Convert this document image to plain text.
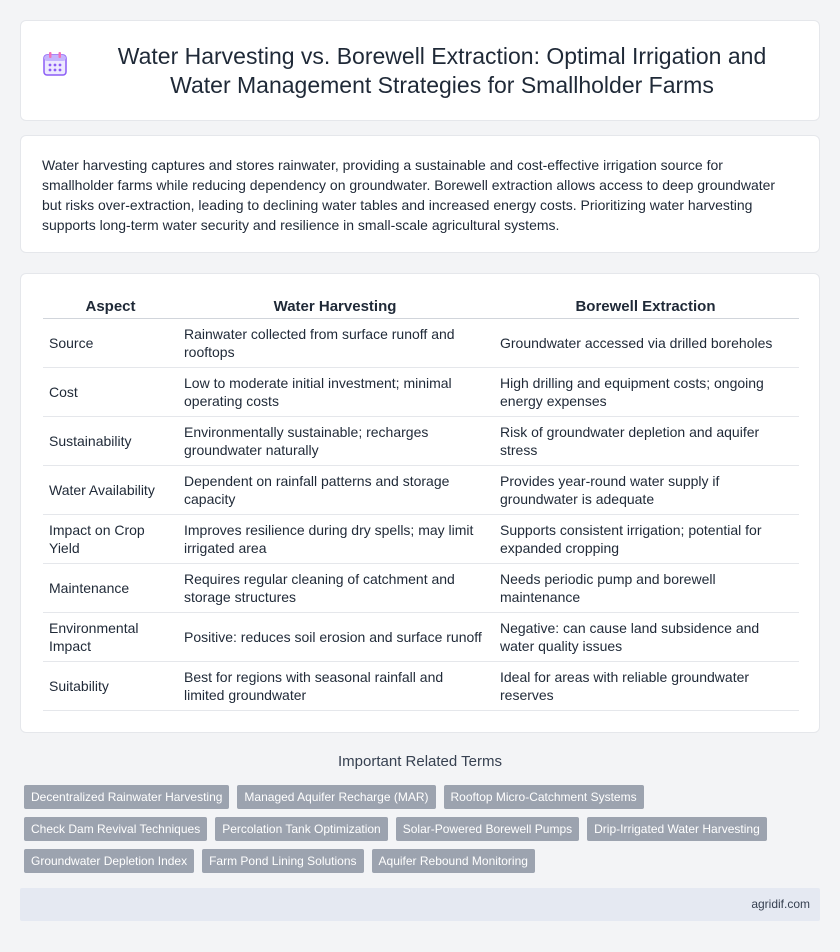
Water Harvesting vs. Borewell Extraction: Optimal Irrigation and Water Management Strategies for Smallholder Farms

Water harvesting captures and stores rainwater, providing a sustainable and cost-effective irrigation source for smallholder farms while reducing dependency on groundwater. Borewell extraction allows access to deep groundwater but risks over-extraction, leading to declining water tables and increased energy costs. Prioritizing water harvesting supports long-term water security and resilience in small-scale agricultural systems.

Aspect	Water Harvesting	Borewell Extraction
Source	Rainwater collected from surface runoff and rooftops	Groundwater accessed via drilled boreholes
Cost	Low to moderate initial investment; minimal operating costs	High drilling and equipment costs; ongoing energy expenses
Sustainability	Environmentally sustainable; recharges groundwater naturally	Risk of groundwater depletion and aquifer stress
Water Availability	Dependent on rainfall patterns and storage capacity	Provides year-round water supply if groundwater is adequate
Impact on Crop Yield	Improves resilience during dry spells; may limit irrigated area	Supports consistent irrigation; potential for expanded cropping
Maintenance	Requires regular cleaning of catchment and storage structures	Needs periodic pump and borewell maintenance
Environmental Impact	Positive: reduces soil erosion and surface runoff	Negative: can cause land subsidence and water quality issues
Suitability	Best for regions with seasonal rainfall and limited groundwater	Ideal for areas with reliable groundwater reserves
Important Related Terms
Decentralized Rainwater Harvesting	Managed Aquifer Recharge (MAR)	Rooftop Micro-Catchment Systems
Check Dam Revival Techniques	Percolation Tank Optimization	Solar-Powered Borewell Pumps	Drip-Irrigated Water Harvesting
Groundwater Depletion Index	Farm Pond Lining Solutions	Aquifer Rebound Monitoring
agridif.com
